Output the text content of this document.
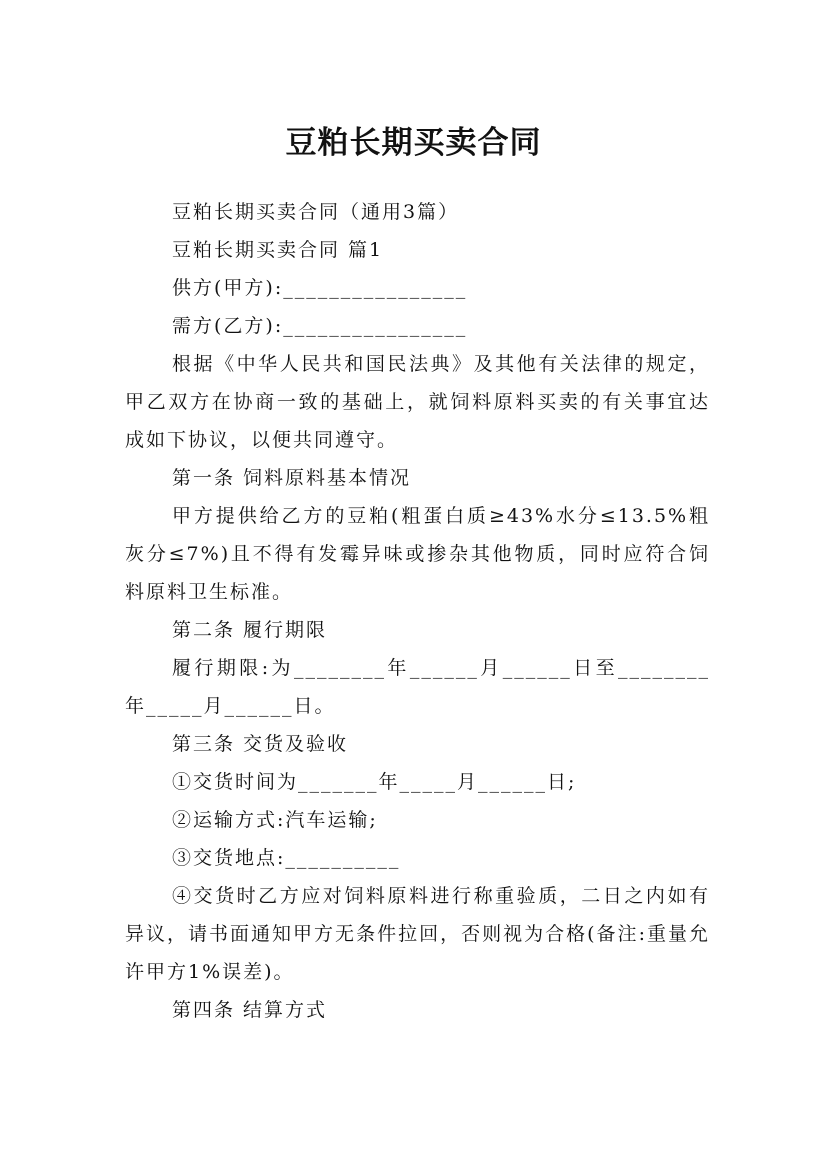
豆粕长期买卖合同

豆粕长期买卖合同（通用3篇）

豆粕长期买卖合同 篇1

供方(甲方):________________

需方(乙方):________________

根据《中华人民共和国民法典》及其他有关法律的规定，甲乙双方在协商一致的基础上，就饲料原料买卖的有关事宜达成如下协议，以便共同遵守。

第一条 饲料原料基本情况

甲方提供给乙方的豆粕(粗蛋白质≥43%水分≤13.5%粗灰分≤7%)且不得有发霉异味或掺杂其他物质，同时应符合饲料原料卫生标准。

第二条 履行期限

履行期限:为________年______月______日至________年_____月______日。

第三条 交货及验收

①交货时间为_______年_____月______日;

②运输方式:汽车运输;

③交货地点:__________

④交货时乙方应对饲料原料进行称重验质，二日之内如有异议，请书面通知甲方无条件拉回，否则视为合格(备注:重量允许甲方1%误差)。

第四条 结算方式
